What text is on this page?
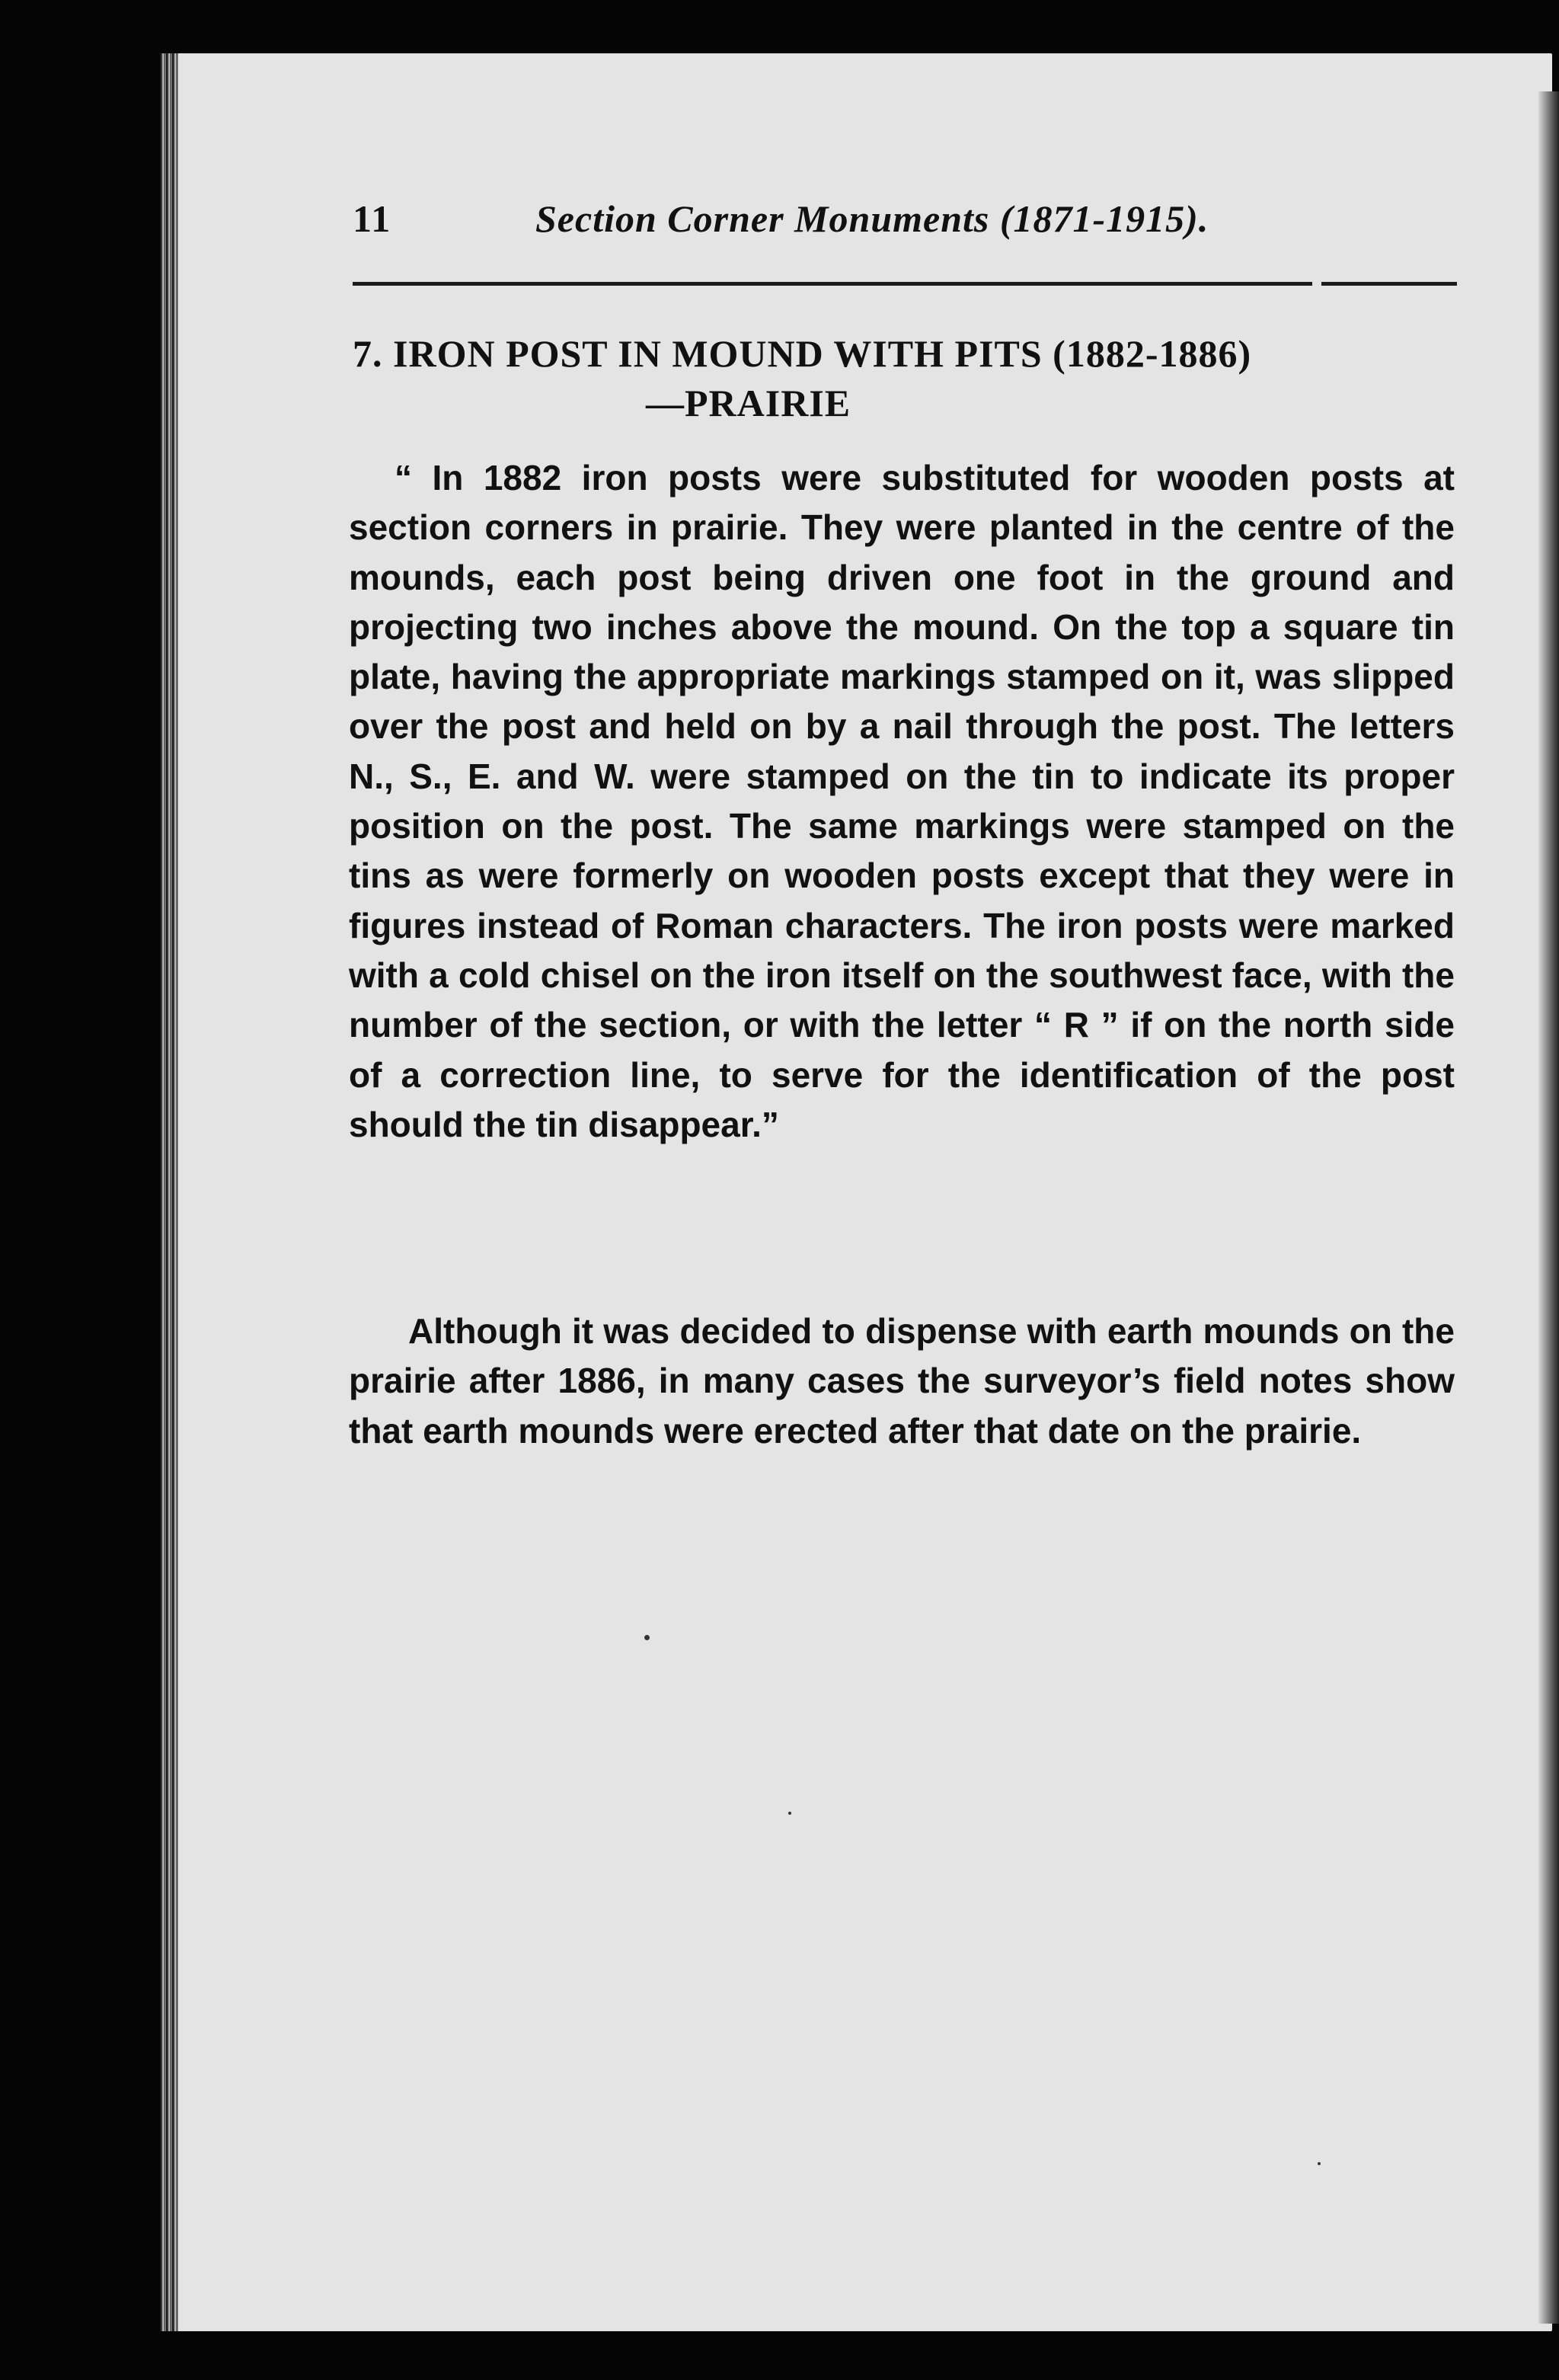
11	Section Corner Monuments (1871-1915).
7. IRON POST IN MOUND WITH PITS (1882-1886)
—PRAIRIE

“ In 1882 iron posts were substituted for wooden posts at section corners in prairie. They were planted in the centre of the mounds, each post being driven one foot in the ground and projecting two inches above the mound. On the top a square tin plate, having the appropriate markings stamped on it, was slipped over the post and held on by a nail through the post. The letters N., S., E. and W. were stamped on the tin to indicate its proper position on the post. The same markings were stamped on the tins as were formerly on wooden posts except that they were in figures instead of Roman characters. The iron posts were marked with a cold chisel on the iron itself on the southwest face, with the number of the section, or with the letter “ R ” if on the north side of a correction line, to serve for the identification of the post should the tin disappear.”

Although it was decided to dispense with earth mounds on the prairie after 1886, in many cases the surveyor’s field notes show that earth mounds were erected after that date on the prairie.
